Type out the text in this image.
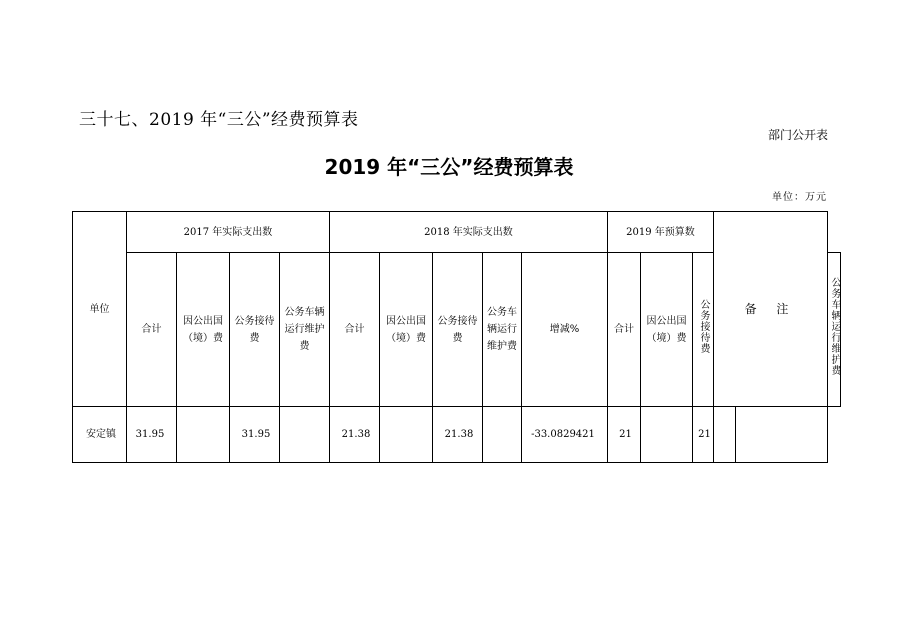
三十七、2019 年“三公”经费预算表
部门公开表
2019 年“三公”经费预算表
单位：万元
单位	2017 年实际支出数				2018 年实际支出数					2019 年预算数			备 注		
	合计	因公出国（境）费	公务接待费	公务车辆运行维护费	合计	因公出国（境）费	公务接待费	公务车辆运行维护费	增减%	合计	因公出国（境）费	公务接待费			公务车辆运行维护费
安定镇	31.95		31.95		21.38		21.38		-33.0829421	21		21			
